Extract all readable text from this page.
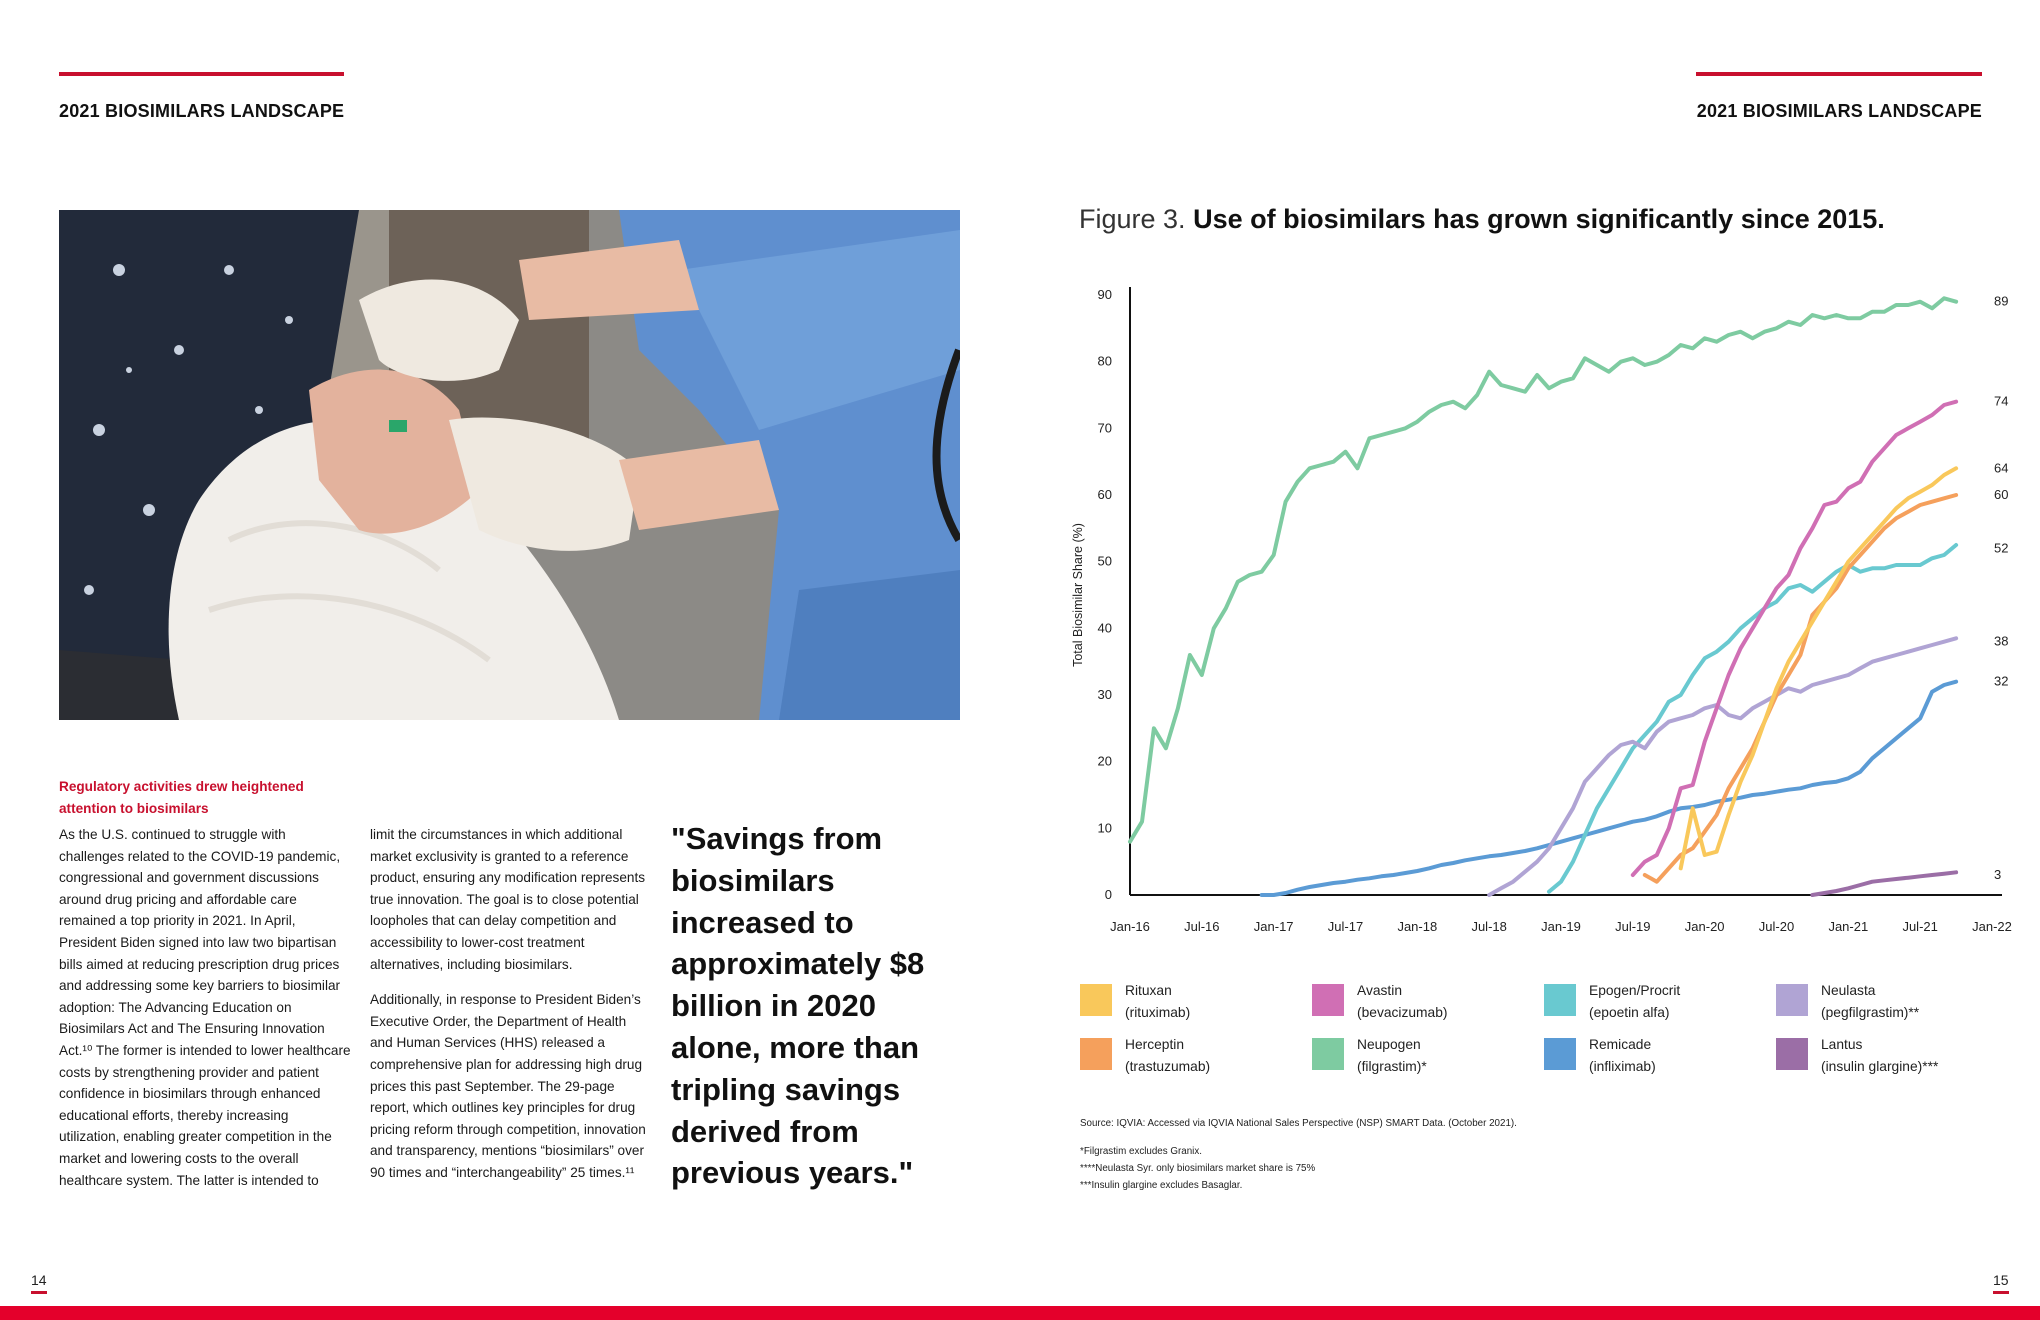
2021 BIOSIMILARS LANDSCAPE	2021 BIOSIMILARS LANDSCAPE
Regulatory activities drew heightened attention to biosimilars

As the U.S. continued to struggle with challenges related to the COVID-19 pandemic, congressional and government discussions around drug pricing and affordable care remained a top priority in 2021. In April, President Biden signed into law two bipartisan bills aimed at reducing prescription drug prices and addressing some key barriers to biosimilar adoption: The Advancing Education on Biosimilars Act and The Ensuring Innovation Act.¹⁰ The former is intended to lower healthcare costs by strengthening provider and patient confidence in biosimilars through enhanced educational efforts, thereby increasing utilization, enabling greater competition in the market and lowering costs to the overall healthcare system. The latter is intended to

limit the circumstances in which additional market exclusivity is granted to a reference product, ensuring any modification represents true innovation. The goal is to close potential loopholes that can delay competition and accessibility to lower-cost treatment alternatives, including biosimilars.

Additionally, in response to President Biden’s Executive Order, the Department of Health and Human Services (HHS) released a comprehensive plan for addressing high drug prices this past September. The 29-page report, which outlines key principles for drug pricing reform through competition, innovation and transparency, mentions “biosimilars” over 90 times and “interchangeability” 25 times.¹¹

"Savings from biosimilars increased to approximately $8 billion in 2020 alone, more than tripling savings derived from previous years."
Figure 3. Use of biosimilars has grown significantly since 2015.
Total Biosimilar Share (%)
0
10
20
30
40
50
60
70
80
90
Jan-16	Jul-16	Jan-17	Jul-17	Jan-18	Jul-18	Jan-19	Jul-19	Jan-20	Jul-20	Jan-21	Jul-21	Jan-22
89
32
52
38
74
60
64
3
Rituxan
(rituximab)
Avastin
(bevacizumab)
Epogen/Procrit
(epoetin alfa)
Neulasta
(pegfilgrastim)**
Herceptin
(trastuzumab)
Neupogen
(filgrastim)*
Remicade
(infliximab)
Lantus
(insulin glargine)***
Source: IQVIA: Accessed via IQVIA National Sales Perspective (NSP) SMART Data. (October 2021).
*Filgrastim excludes Granix.
****Neulasta Syr. only biosimilars market share is 75%
***Insulin glargine excludes Basaglar.
14	15
